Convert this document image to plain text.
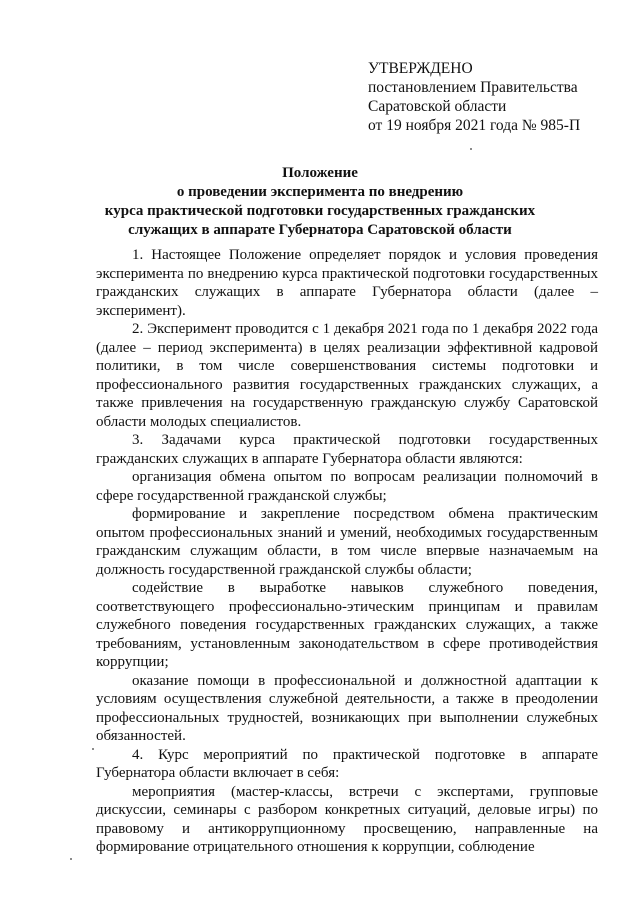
УТВЕРЖДЕНО
постановлением Правительства
Саратовской области
от 19 ноября 2021 года № 985-П
Положение
о проведении эксперимента по внедрению
курса практической подготовки государственных гражданских
служащих в аппарате Губернатора Саратовской области

1. Настоящее Положение определяет порядок и условия проведения эксперимента по внедрению курса практической подготовки государственных гражданских служащих в аппарате Губернатора области (далее – эксперимент).

2. Эксперимент проводится с 1 декабря 2021 года по 1 декабря 2022 года (далее – период эксперимента) в целях реализации эффективной кадровой политики, в том числе совершенствования системы подготовки и профессионального развития государственных гражданских служащих, а также привлечения на государственную гражданскую службу Саратовской области молодых специалистов.

3. Задачами курса практической подготовки государственных гражданских служащих в аппарате Губернатора области являются:

организация обмена опытом по вопросам реализации полномочий в сфере государственной гражданской службы;

формирование и закрепление посредством обмена практическим опытом профессиональных знаний и умений, необходимых государственным гражданским служащим области, в том числе впервые назначаемым на должность государственной гражданской службы области;

содействие в выработке навыков служебного поведения, соответствующего профессионально-этическим принципам и правилам служебного поведения государственных гражданских служащих, а также требованиям, установленным законодательством в сфере противодействия коррупции;

оказание помощи в профессиональной и должностной адаптации к условиям осуществления служебной деятельности, а также в преодолении профессиональных трудностей, возникающих при выполнении служебных обязанностей.

4. Курс мероприятий по практической подготовке в аппарате Губернатора области включает в себя:

мероприятия (мастер-классы, встречи с экспертами, групповые дискуссии, семинары с разбором конкретных ситуаций, деловые игры) по правовому и антикоррупционному просвещению, направленные на формирование отрицательного отношения к коррупции, соблюдение
